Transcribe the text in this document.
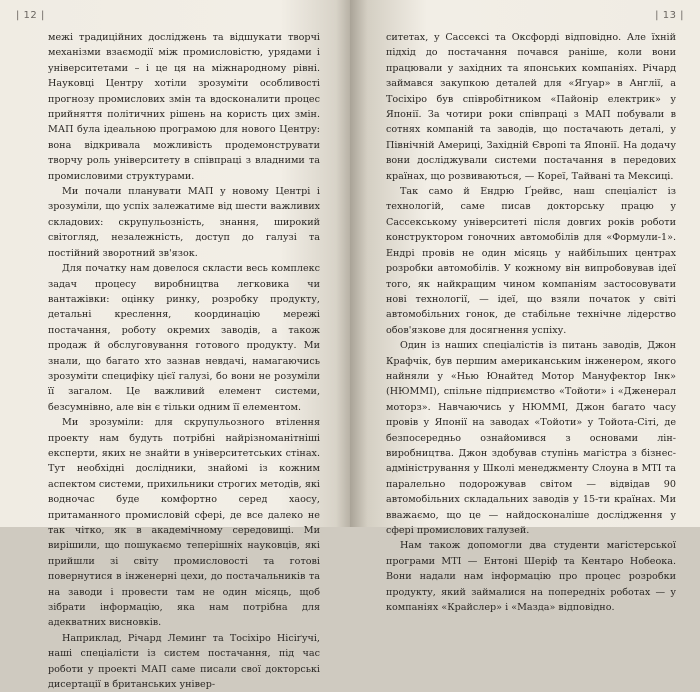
| 12 |

межі традиційних досліджень та відшукати творчі механізми взаємодії між промисловістю, урядами і університетами – і це ця на міжнародному рівні. Науковці Центру хотіли зрозуміти особливості прогнозу промислових змін та вдосконалити процес прийняття політичних рішень на користь цих змін. МАП була ідеальною програмою для нового Центру: вона відкривала можливість продемонструвати творчу роль університету в співпраці з владними та промисловими структурами.

Ми почали планувати МАП у новому Центрі і зрозуміли, що успіх залежатиме від шести важливих складових: скрупульозність, знання, широкий світогляд, незалежність, доступ до галузі та постійний зворотний зв'язок.

Для початку нам довелося скласти весь комплекс задач процесу виробництва легковика чи вантажівки: оцінку ринку, розробку продукту, детальні креслення, координацію мережі постачання, роботу окремих заводів, а також продаж й обслуговування готового продукту. Ми знали, що багато хто зазнав невдачі, намагаючись зрозуміти специфіку цієї галузі, бо вони не розуміли її загалом. Це важливий елемент системи, безсумнівно, але він є тільки одним її елементом.

Ми зрозуміли: для скрупульозного втілення проекту нам будуть потрібні найрізноманітніші експерти, яких не знайти в університетських стінах. Тут необхідні дослідники, знайомі із кожним аспектом системи, прихильники строгих методів, які водночас буде комфортно серед хаосу, притаманного промисловій сфері, де все далеко не так чітко, як в академічному середовищі. Ми вирішили, що пошукаємо теперішніх науковців, які прийшли зі світу промисловості та готові повернутися в інженерні цехи, до постачальників та на заводи і провести там не один місяць, щоб зібрати інформацію, яка нам потрібна для адекватних висновків.

Наприклад, Річард Леминг та Тосіхіро Нісіґучі, наші спеціалісти із систем постачання, під час роботи у проекті МАП саме писали свої докторські дисертації в британських універ-

| 13 |

ситетах, у Сассексі та Оксфорді відповідно. Але їхній підхід до постачання почався раніше, коли вони працювали у західних та японських компаніях. Річард займався закупкою деталей для «Ягуар» в Англії, а Тосіхіро був співробітником «Пайонір електрик» у Японії. За чотири роки співпраці з МАП побували в сотнях компаній та заводів, що постачають деталі, у Північній Америці, Західній Європі та Японії. На додачу вони досліджували системи постачання в передових країнах, що розвиваються, — Кореї, Тайвані та Мексиці.

Так само й Ендрю Ґрейвс, наш спеціаліст із технологій, саме писав докторську працю у Сассекському університеті після довгих років роботи конструктором гоночних автомобілів для «Формули-1». Ендрі провів не один місяць у найбільших центрах розробки автомобілів. У кожному він випробовував ідеї того, як найкращим чином компаніям застосовувати нові технології, — ідеї, що взяли початок у світі автомобільних гонок, де стабільне технічне лідерство обов'язкове для досягнення успіху.

Один із наших спеціалістів із питань заводів, Джон Крафчік, був першим американським інженером, якого найняли у «Нью Юнайтед Мотор Мануфектор Інк» (НЮММІ), спільне підприємство «Тойоти» і «Дженерал моторз». Навчаючись у НЮММІ, Джон багато часу провів у Японії на заводах «Тойоти» у Тойота-Сіті, де безпосередньо ознайомився з основами лін-виробництва. Джон здобував ступінь магістра з бізнес-адміністрування у Школі менеджменту Слоуна в MTI та паралельно подорожував світом — відвідав 90 автомобільних складальних заводів у 15-ти країнах. Ми вважаємо, що це — найдосконаліше дослідження у сфері промислових галузей.

Нам також допомогли два студенти магістерської програми MTI — Ентоні Шеріф та Кентаро Нобеока. Вони надали нам інформацію про процес розробки продукту, який займалися на попередніх роботах — у компаніях «Крайслер» і «Мазда» відповідно.
